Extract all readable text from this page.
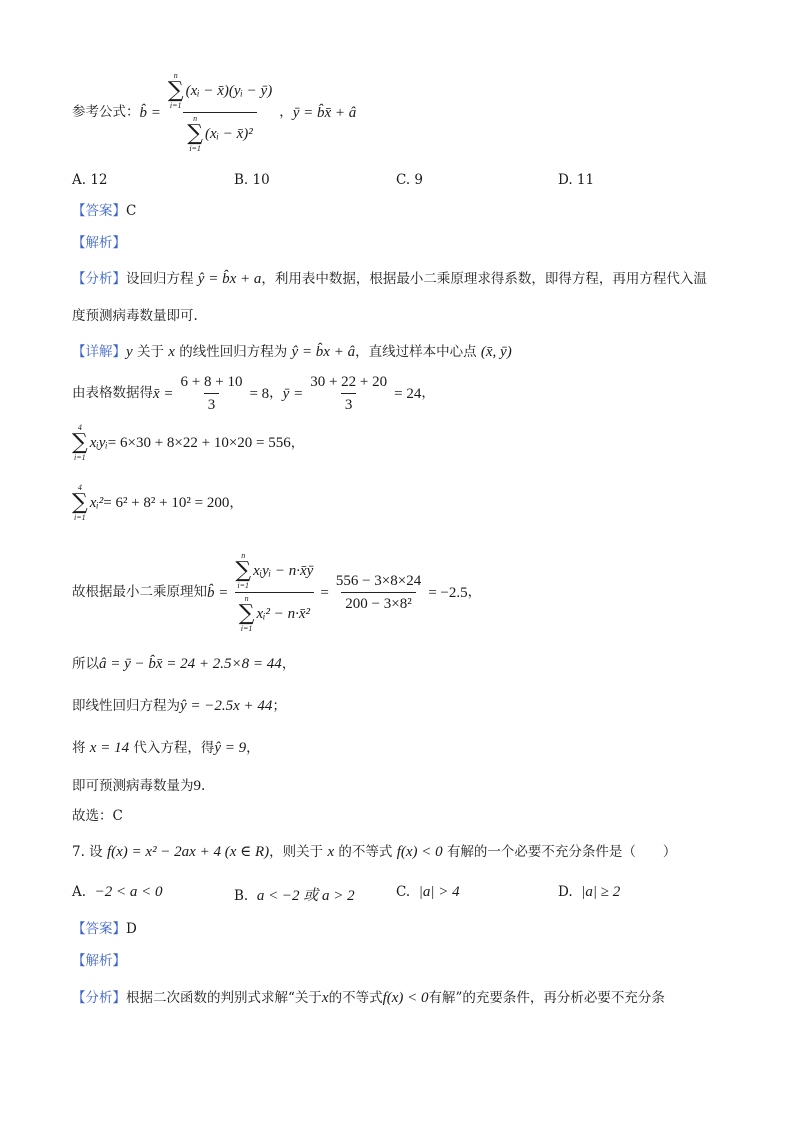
参考公式： b̂ =
n
∑
i=1
(xᵢ − x̄)(yᵢ − ȳ)
n
∑
i=1
(xᵢ − x̄)²
， ȳ = b̂x̄ + â
A. 12	B. 10	C. 9	D. 11
【答案】C
【解析】
【分析】设回归方程 ŷ = b̂x + a，利用表中数据，根据最小二乘原理求得系数，即得方程，再用方程代入温
度预测病毒数量即可.
【详解】y 关于 x 的线性回归方程为 ŷ = b̂x + â，直线过样本中心点 (x̄, ȳ)
由表格数据得 x̄ = $\frac{6 + 8 + 10}{3} = 8$ ， ȳ = $\frac{30 + 22 + 20}{3} = 24$ ，
4
∑
i=1
xᵢyᵢ = 6×30 + 8×22 + 10×20 = 556 ，
4
∑
i=1
xᵢ² = 6² + 8² + 10² = 200 ，
故根据最小二乘原理知 b̂ = n
∑
i=1
xᵢyᵢ − n·x̄ȳ
n
∑
i=1
xᵢ² − n·x̄² = $\frac{556 - 3\times 8\times 24}{\text{200 − 3×8²}} = -2.5$ ，
所以â = ȳ − b̂x̄ = 24 + 2.5×8 = 44，
即线性回归方程为ŷ = −2.5x + 44；
将 x = 14 代入方程，得ŷ = 9，
即可预测病毒数量为9.
故选：C
7. 设 f(x) = x² − 2ax + 4 (x ∈ R)，则关于 x 的不等式 f(x) < 0 有解的一个必要不充分条件是（　　）
A. −2 < a < 0	B. a < −2 或 a > 2	C. |a| > 4	D. |a| ≥ 2
【答案】D
【解析】
【分析】根据二次函数的判别式求解“关于x的不等式f(x) < 0有解”的充要条件，再分析必要不充分条
